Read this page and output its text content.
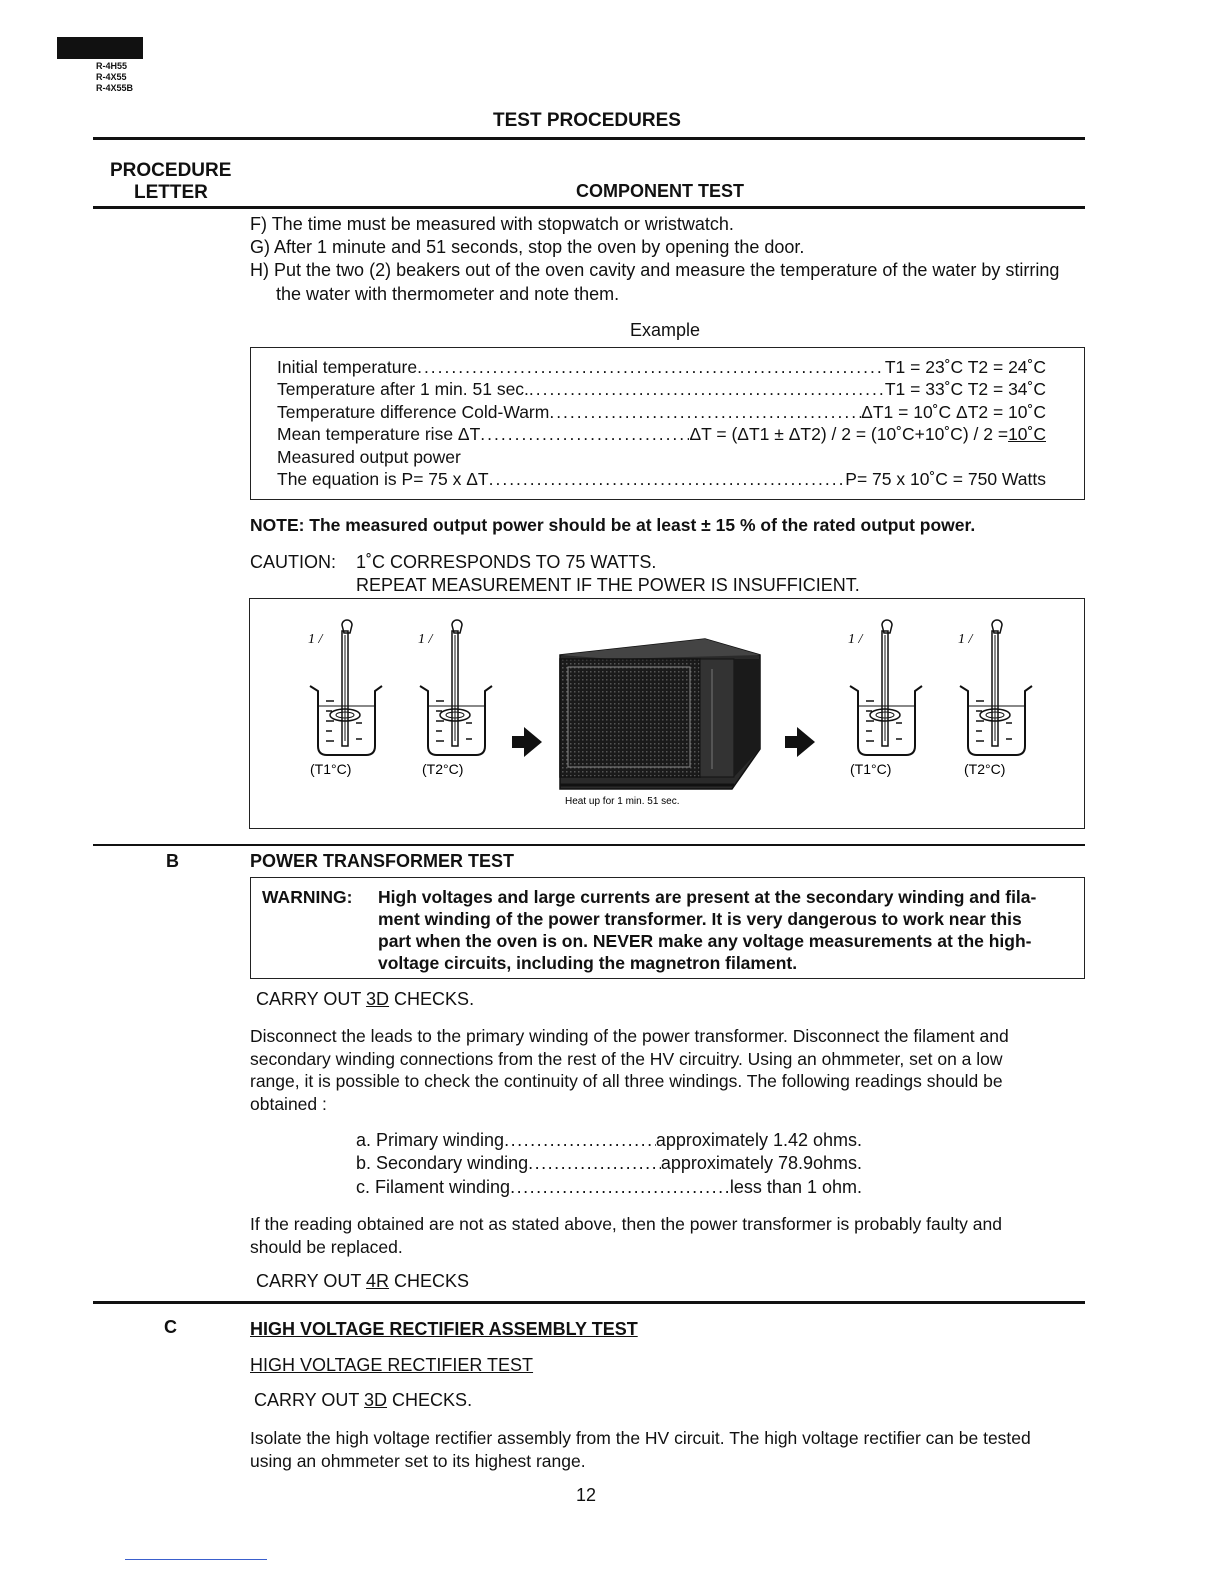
R-4H55
R-4X55
R-4X55B
TEST PROCEDURES
PROCEDURE
LETTER	COMPONENT TEST
F) The time must be measured with stopwatch or wristwatch.
G) After 1 minute and 51 seconds, stop the oven by opening the door.
H) Put the two (2) beakers out of the oven cavity and measure the temperature of the water by stirring
the water with thermometer and note them.
Example
Initial temperature .....	T1 = 23˚C T2 = 24˚C
Temperature after 1 min. 51 sec. .....	T1 = 33˚C T2 = 34˚C
Temperature difference Cold-Warm .....	ΔT1 = 10˚C ΔT2 = 10˚C
Mean temperature rise ΔT .....	ΔT = (ΔT1 ± ΔT2) / 2 = (10˚C+10˚C) / 2 = 10˚C
Measured output power
The equation is P= 75 x ΔT .....	P= 75 x 10˚C = 750 Watts
NOTE: The measured output power should be at least ± 15 % of the rated output power.
CAUTION: 1˚C CORRESPONDS TO 75 WATTS.
REPEAT MEASUREMENT IF THE POWER IS INSUFFICIENT.
1 /
(T1°C)	(T2°C)	(T1°C)	(T2°C)
Heat up for 1 min. 51 sec.
B	POWER TRANSFORMER TEST
WARNING: High voltages and large currents are present at the secondary winding and fila-
ment winding of the power transformer. It is very dangerous to work near this
part when the oven is on. NEVER make any voltage measurements at the high-
voltage circuits, including the magnetron filament.
CARRY OUT 3D CHECKS.
Disconnect the leads to the primary winding of the power transformer. Disconnect the filament and
secondary winding connections from the rest of the HV circuitry. Using an ohmmeter, set on a low
range, it is possible to check the continuity of all three windings. The following readings should be
obtained :
a. Primary winding .....	approximately 1.42 ohms.
b. Secondary winding .....	approximately 78.9ohms.
c. Filament winding .....	less than 1 ohm.
If the reading obtained are not as stated above, then the power transformer is probably faulty and
should be replaced.
CARRY OUT 4R CHECKS
C	HIGH VOLTAGE RECTIFIER ASSEMBLY TEST
HIGH VOLTAGE RECTIFIER TEST
CARRY OUT 3D CHECKS.
Isolate the high voltage rectifier assembly from the HV circuit. The high voltage rectifier can be tested
using an ohmmeter set to its highest range.
12
